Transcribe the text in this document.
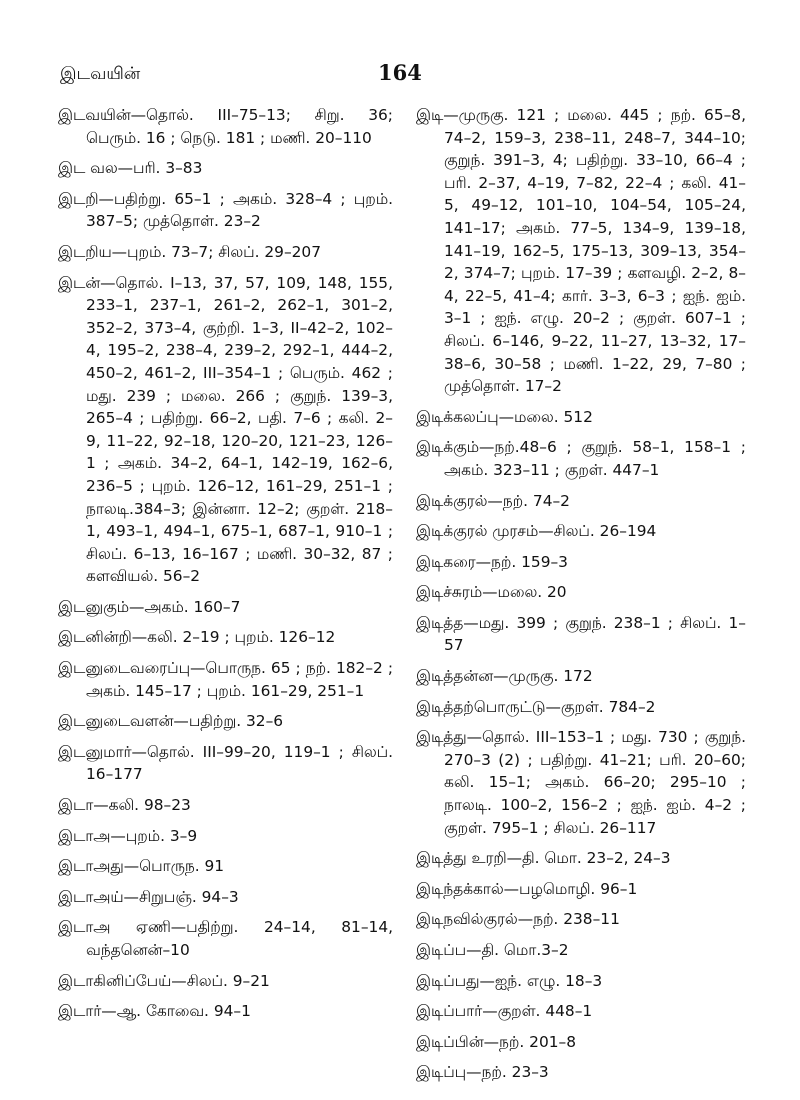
இடவயின்	164

இடவயின்—தொல். III–75–13; சிறு. 36; பெரும். 16 ; நெடு. 181 ; மணி. 20–110

இட வல—பரி. 3–83

இடறி—பதிற்று. 65–1 ; அகம். 328–4 ; புறம். 387–5; முத்தொள். 23–2

இடறிய—புறம். 73–7; சிலப். 29–207

இடன்—தொல். I–13, 37, 57, 109, 148, 155, 233–1, 237–1, 261–2, 262–1, 301–2, 352–2, 373–4, குற்றி. 1–3, II–42–2, 102–4, 195–2, 238–4, 239–2, 292–1, 444–2, 450–2, 461–2, III–354–1 ; பெரும். 462 ; மது. 239 ; மலை. 266 ; குறுந். 139–3, 265–4 ; பதிற்று. 66–2, பதி. 7–6 ; கலி. 2–9, 11–22, 92–18, 120–20, 121–23, 126–1 ; அகம். 34–2, 64–1, 142–19, 162–6, 236–5 ; புறம். 126–12, 161–29, 251–1 ; நாலடி.384–3; இன்னா. 12–2; குறள். 218–1, 493–1, 494–1, 675–1, 687–1, 910–1 ; சிலப். 6–13, 16–167 ; மணி. 30–32, 87 ; களவியல். 56–2

இடனுகும்—அகம். 160–7

இடனின்றி—கலி. 2–19 ; புறம். 126–12

இடனுடைவரைப்பு—பொருந. 65 ; நற். 182–2 ; அகம். 145–17 ; புறம். 161–29, 251–1

இடனுடைவளன்—பதிற்று. 32–6

இடனுமார்—தொல். III–99–20, 119–1 ; சிலப். 16–177

இடா—கலி. 98–23

இடாஅ—புறம். 3–9

இடாஅது—பொருந. 91

இடாஅய்—சிறுபஞ். 94–3

இடாஅ ஏணி—பதிற்று. 24–14, 81–14, வந்தனென்–10

இடாகினிப்பேய்—சிலப். 9–21

இடார்—ஆ. கோவை. 94–1

இடி—முருகு. 121 ; மலை. 445 ; நற். 65–8, 74–2, 159–3, 238–11, 248–7, 344–10; குறுந். 391–3, 4; பதிற்று. 33–10, 66–4 ; பரி. 2–37, 4–19, 7–82, 22–4 ; கலி. 41–5, 49–12, 101–10, 104–54, 105–24, 141–17; அகம். 77–5, 134–9, 139–18, 141–19, 162–5, 175–13, 309–13, 354–2, 374–7; புறம். 17–39 ; களவழி. 2–2, 8–4, 22–5, 41–4; கார். 3–3, 6–3 ; ஐந். ஐம். 3–1 ; ஐந். எழு. 20–2 ; குறள். 607–1 ; சிலப். 6–146, 9–22, 11–27, 13–32, 17–38–6, 30–58 ; மணி. 1–22, 29, 7–80 ; முத்தொள். 17–2

இடிக்கலப்பு—மலை. 512

இடிக்கும்—நற்.48–6 ; குறுந். 58–1, 158–1 ; அகம். 323–11 ; குறள். 447–1

இடிக்குரல்—நற். 74–2

இடிக்குரல் முரசம்—சிலப். 26–194

இடிகரை—நற். 159–3

இடிச்சுரம்—மலை. 20

இடித்த—மது. 399 ; குறுந். 238–1 ; சிலப். 1–57

இடித்தன்ன—முருகு. 172

இடித்தற்பொருட்டு—குறள். 784–2

இடித்து—தொல். III–153–1 ; மது. 730 ; குறுந். 270–3 (2) ; பதிற்று. 41–21; பரி. 20–60; கலி. 15–1; அகம். 66–20; 295–10 ; நாலடி. 100–2, 156–2 ; ஐந். ஐம். 4–2 ; குறள். 795–1 ; சிலப். 26–117

இடித்து உரறி—தி. மொ. 23–2, 24–3

இடிந்தக்கால்—பழமொழி. 96–1

இடிநவில்குரல்—நற். 238–11

இடிப்ப—தி. மொ.3–2

இடிப்பது—ஐந். எழு. 18–3

இடிப்பார்—குறள். 448–1

இடிப்பின்—நற். 201–8

இடிப்பு—நற். 23–3
